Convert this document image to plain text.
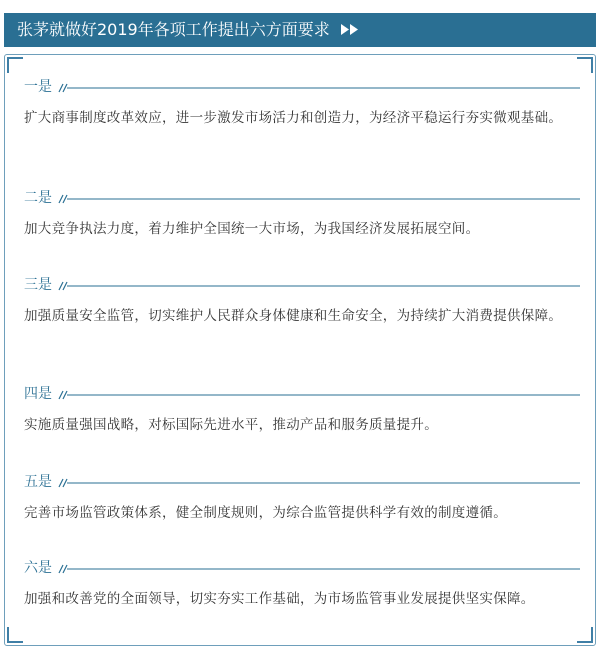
张茅就做好2019年各项工作提出六方面要求
一是
扩大商事制度改革效应，进一步激发市场活力和创造力，为经济平稳运行夯实微观基础。
二是
加大竞争执法力度，着力维护全国统一大市场，为我国经济发展拓展空间。
三是
加强质量安全监管，切实维护人民群众身体健康和生命安全，为持续扩大消费提供保障。
四是
实施质量强国战略，对标国际先进水平，推动产品和服务质量提升。
五是
完善市场监管政策体系，健全制度规则，为综合监管提供科学有效的制度遵循。
六是
加强和改善党的全面领导，切实夯实工作基础，为市场监管事业发展提供坚实保障。
